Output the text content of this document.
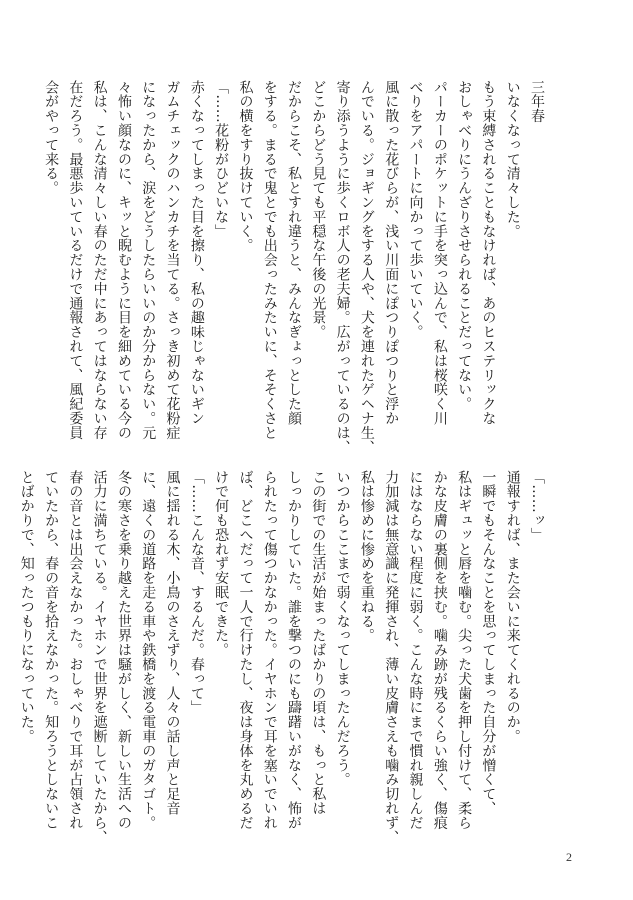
三年春
いなくなって清々した。
もう束縛されることもなければ、あのヒステリックな
おしゃべりにうんざりさせられることだってない。
パーカーのポケットに手を突っ込んで、私は桜咲く川
べりをアパートに向かって歩いていく。
風に散った花びらが、浅い川面にぽつりぽつりと浮か
んでいる。ジョギングをする人や、犬を連れたゲヘナ生、
寄り添うように歩くロボ人の老夫婦。広がっているのは、
どこからどう見ても平穏な午後の光景。
だからこそ、私とすれ違うと、みんなぎょっとした顔
をする。まるで鬼とでも出会ったみたいに、そそくさと
私の横をすり抜けていく。
「……花粉がひどいな」
赤くなってしまった目を擦り、私の趣味じゃないギン
ガムチェックのハンカチを当てる。さっき初めて花粉症
になったから、涙をどうしたらいいのか分からない。元
々怖い顔なのに、キッと睨むように目を細めている今の
私は、こんな清々しい春のただ中にあってはならない存
在だろう。最悪歩いているだけで通報されて、風紀委員
会がやって来る。
「……ッ」
通報すれば、また会いに来てくれるのか。
一瞬でもそんなことを思ってしまった自分が憎くて、
私はギュッと唇を噛む。尖った犬歯を押し付けて、柔ら
かな皮膚の裏側を挟む。噛み跡が残るくらい強く、傷痕
にはならない程度に弱く。こんな時にまで慣れ親しんだ
力加減は無意識に発揮され、薄い皮膚さえも噛み切れず、
私は惨めに惨めを重ねる。
いつからここまで弱くなってしまったんだろう。
この街での生活が始まったばかりの頃は、もっと私は
しっかりしていた。誰を撃つのにも躊躇いがなく、怖が
られたって傷つかなかった。イヤホンで耳を塞いでいれ
ば、どこへだって一人で行けたし、夜は身体を丸めるだ
けで何も恐れず安眠できた。
「……こんな音、するんだ。春って」
風に揺れる木、小鳥のさえずり、人々の話し声と足音
に、遠くの道路を走る車や鉄橋を渡る電車のガタゴト。
冬の寒さを乗り越えた世界は騒がしく、新しい生活への
活力に満ちている。イヤホンで世界を遮断していたから、
春の音とは出会えなかった。おしゃべりで耳が占領され
ていたから、春の音を拾えなかった。知ろうとしないこ
とばかりで、知ったつもりになっていた。
2
